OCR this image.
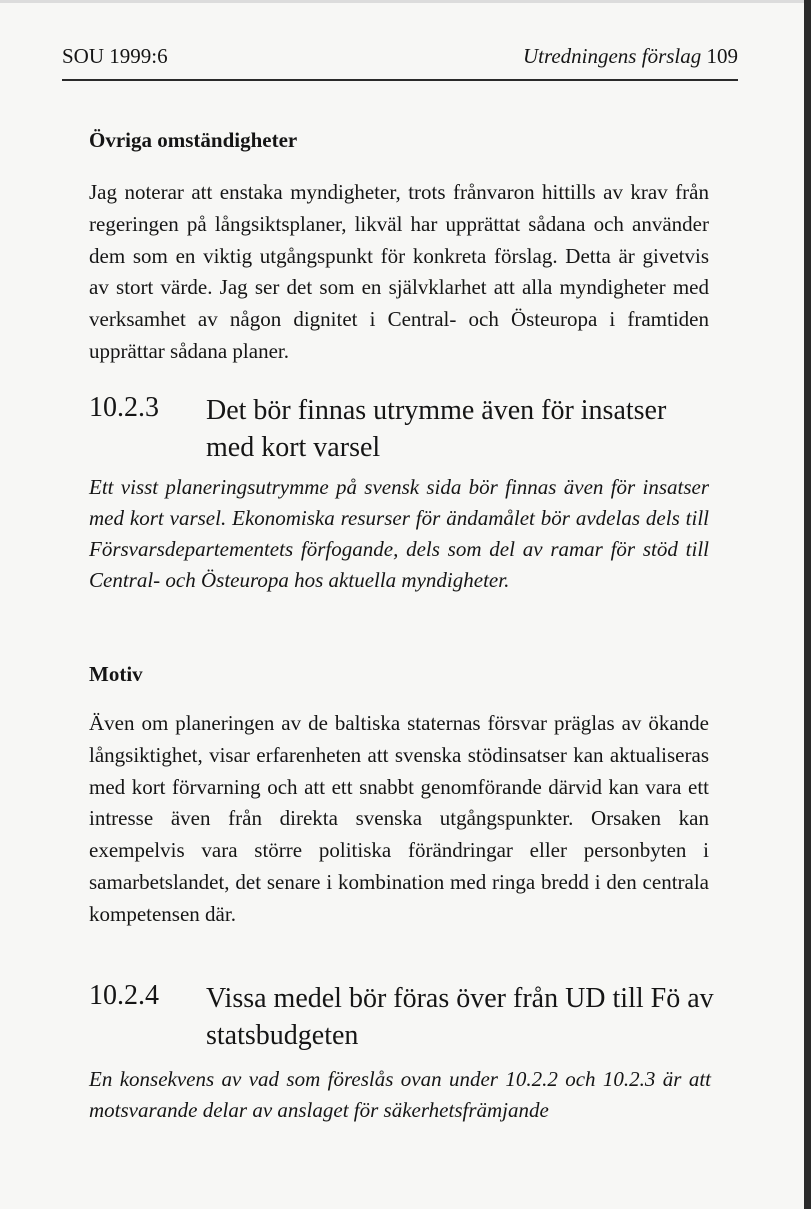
SOU 1999:6	Utredningens förslag 109
Övriga omständigheter
Jag noterar att enstaka myndigheter, trots frånvaron hittills av krav från regeringen på långsiktsplaner, likväl har upprättat sådana och använder dem som en viktig utgångspunkt för konkreta förslag. Detta är givetvis av stort värde. Jag ser det som en självklarhet att alla myndigheter med verksamhet av någon dignitet i Central- och Östeuropa i framtiden upprättar sådana planer.
10.2.3 Det bör finnas utrymme även för insatser med kort varsel
Ett visst planeringsutrymme på svensk sida bör finnas även för insatser med kort varsel. Ekonomiska resurser för ändamålet bör avdelas dels till Försvarsdepartementets förfogande, dels som del av ramar för stöd till Central- och Östeuropa hos aktuella myndigheter.
Motiv
Även om planeringen av de baltiska staternas försvar präglas av ökande långsiktighet, visar erfarenheten att svenska stödinsatser kan aktualiseras med kort förvarning och att ett snabbt genomförande därvid kan vara ett intresse även från direkta svenska utgångspunkter. Orsaken kan exempelvis vara större politiska förändringar eller personbyten i samarbetslandet, det senare i kombination med ringa bredd i den centrala kompetensen där.
10.2.4 Vissa medel bör föras över från UD till Fö av statsbudgeten
En konsekvens av vad som föreslås ovan under 10.2.2 och 10.2.3 är att motsvarande delar av anslaget för säkerhetsfrämjande
